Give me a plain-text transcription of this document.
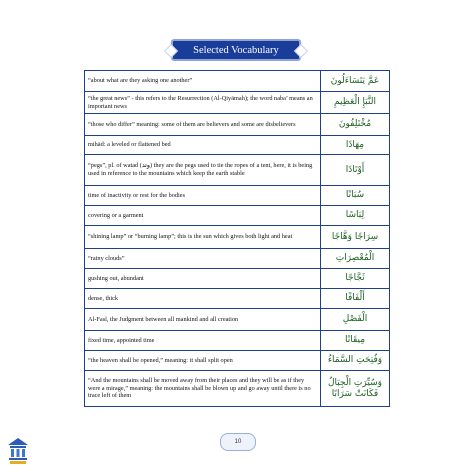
Selected Vocabulary
“about what are they asking one another”	عَمَّ يَتَسَاءَلُونَ
“the great news” - this refers to the Resurrection (Al-Qiyāmah); the word naba’ means an important news	النَّبَإِ الْعَظِيمِ
“those who differ” meaning: some of them are believers and some are disbelievers	مُخْتَلِفُونَ
mihād: a leveled or flattened bed	مِهَادًا
“pegs”, pl. of watad (وتد) they are the pegs used to tie the ropes of a tent, here, it is being used in reference to the mountains which keep the earth stable	أَوْتَادًا
time of inactivity or rest for the bodies	سُبَاتًا
covering or a garment	لِبَاسًا
“shining lamp” or “burning lamp”; this is the sun which gives both light and heat	سِرَاجًا وَهَّاجًا
“rainy clouds”	الْمُعْصِرَاتِ
gushing out, abundant	ثَجَّاجًا
dense, thick	أَلْفَافًا
Al-Fasl, the Judgment between all mankind and all creation	الْفَصْلِ
fixed time, appointed time	مِيقَاتًا
“the heaven shall be opened,” meaning: it shall split open	وَفُتِحَتِ السَّمَاءُ
“And the mountains shall be moved away from their places and they will be as if they were a mirage,” meaning: the mountains shall be blown up and go away until there is no trace left of them	وَسُيِّرَتِ الْجِبَالُ فَكَانَتْ سَرَابًا
10
